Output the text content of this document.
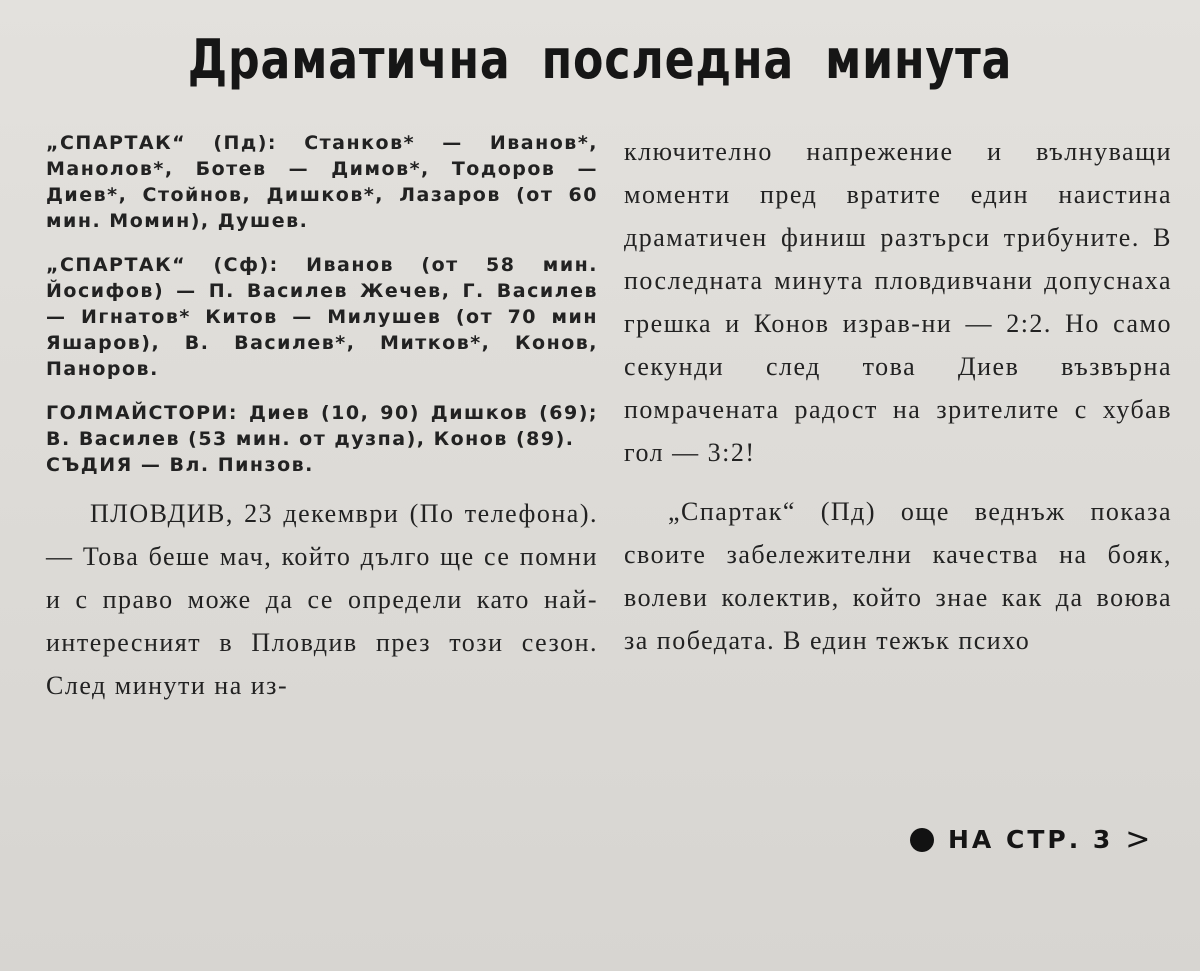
Драматична последна минута

„СПАРТАК“ (Пд): Станков* — Иванов*, Манолов*, Ботев — Димов*, Тодоров — Диев*, Стойнов, Дишков*, Лазаров (от 60 мин. Момин), Душев.

„СПАРТАК“ (Сф): Иванов (от 58 мин. Йосифов) — П. Василев Жечев, Г. Василев — Игнатов* Китов — Милушев (от 70 мин Яшаров), В. Василев*, Митков*, Конов, Паноров.

ГОЛМАЙСТОРИ: Диев (10, 90) Дишков (69); В. Василев (53 мин. от дузпа), Конов (89).
СЪДИЯ — Вл. Пинзов.

ПЛОВДИВ, 23 декември (По телефона). — Това беше мач, който дълго ще се помни и с право може да се определи като най-интересният в Пловдив през този сезон. След минути на из-

ключително напрежение и вълнуващи моменти пред вратите един наистина драматичен финиш разтърси трибуните. В последната минута пловдивчани допуснаха грешка и Конов израв-ни — 2:2. Но само секунди след това Диев възвърна помрачената радост на зрителите с хубав гол — 3:2!

„Спартак“ (Пд) още веднъж показа своите забележителни качества на бояк, волеви колектив, който знае как да воюва за победата. В един тежък психо

НА СТР. 3 >
